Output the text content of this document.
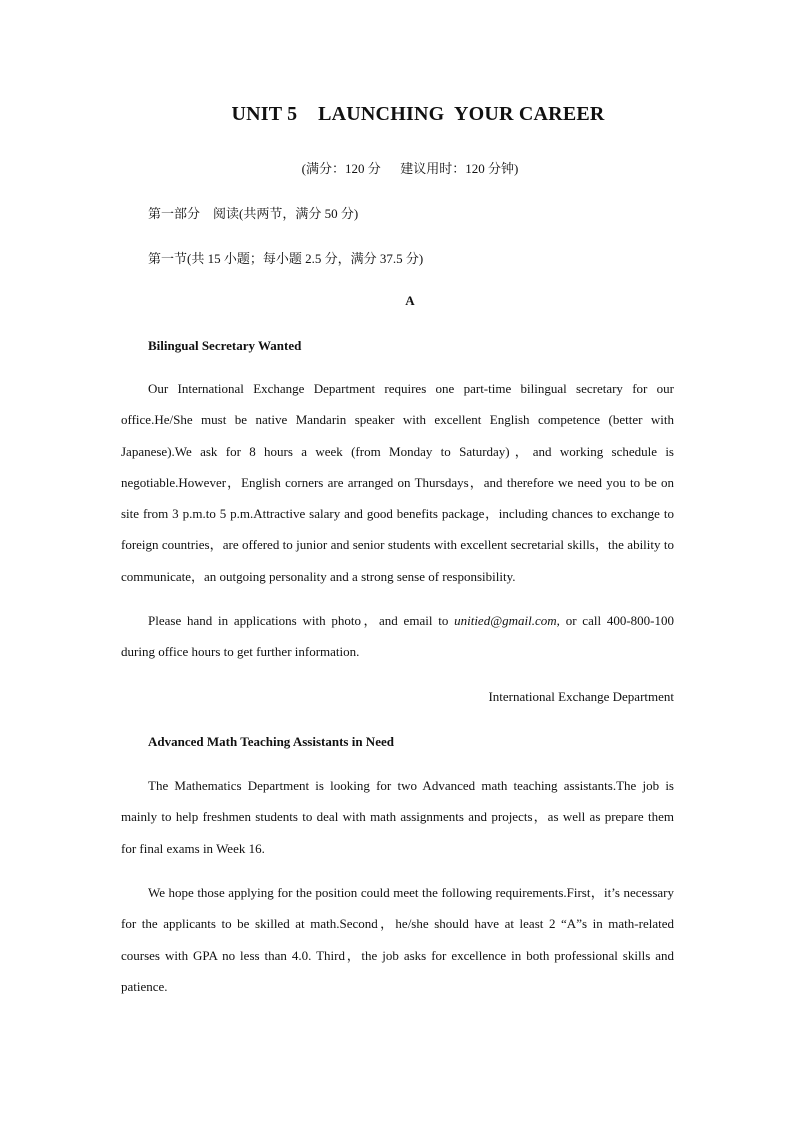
UNIT 5    LAUNCHING  YOUR CAREER
(满分：120 分      建议用时：120 分钟)
第一部分    阅读(共两节，满分 50 分)
第一节(共 15 小题；每小题 2.5 分，满分 37.5 分)
A
Bilingual Secretary Wanted

Our International Exchange Department requires one part-time bilingual secretary for our office.He/She must be native Mandarin speaker with excellent English competence (better with Japanese).We ask for 8 hours a week (from Monday to Saturday)，and working schedule is negotiable.However，English corners are arranged on Thursdays，and therefore we need you to be on site from 3 p.m.to 5 p.m.Attractive salary and good benefits package，including chances to exchange to foreign countries，are offered to junior and senior students with excellent secretarial skills，the ability to communicate，an outgoing personality and a strong sense of responsibility.

Please hand in applications with photo，and email to unitied@gmail.com, or call 400-800-100 during office hours to get further information.

International Exchange Department
Advanced Math Teaching Assistants in Need

The Mathematics Department is looking for two Advanced math teaching assistants.The job is mainly to help freshmen students to deal with math assignments and projects，as well as prepare them for final exams in Week 16.

We hope those applying for the position could meet the following requirements.First，it’s necessary for the applicants to be skilled at math.Second，he/she should have at least 2 “A”s in math-related courses with GPA no less than 4.0. Third，the job asks for excellence in both professional skills and patience.
